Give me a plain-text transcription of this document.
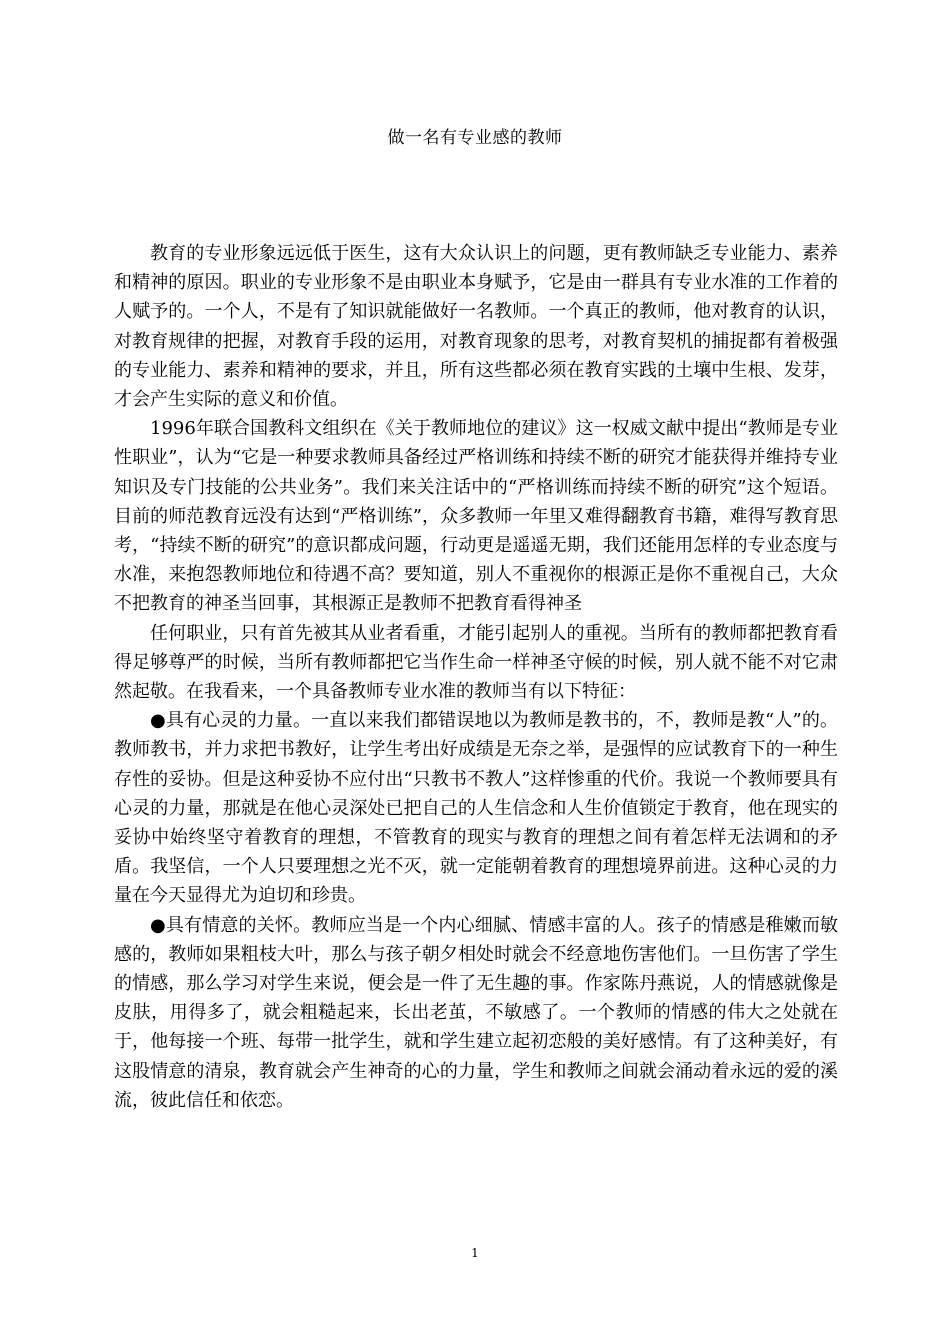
做一名有专业感的教师

教育的专业形象远远低于医生，这有大众认识上的问题，更有教师缺乏专业能力、素养和精神的原因。职业的专业形象不是由职业本身赋予，它是由一群具有专业水准的工作着的人赋予的。一个人，不是有了知识就能做好一名教师。一个真正的教师，他对教育的认识，对教育规律的把握，对教育手段的运用，对教育现象的思考，对教育契机的捕捉都有着极强的专业能力、素养和精神的要求，并且，所有这些都必须在教育实践的土壤中生根、发芽，才会产生实际的意义和价值。

1996年联合国教科文组织在《关于教师地位的建议》这一权威文献中提出“教师是专业性职业”，认为“它是一种要求教师具备经过严格训练和持续不断的研究才能获得并维持专业知识及专门技能的公共业务”。我们来关注话中的“严格训练而持续不断的研究”这个短语。目前的师范教育远没有达到“严格训练”，众多教师一年里又难得翻教育书籍，难得写教育思考，“持续不断的研究”的意识都成问题，行动更是遥遥无期，我们还能用怎样的专业态度与水准，来抱怨教师地位和待遇不高？要知道，别人不重视你的根源正是你不重视自己，大众不把教育的神圣当回事，其根源正是教师不把教育看得神圣

任何职业，只有首先被其从业者看重，才能引起别人的重视。当所有的教师都把教育看得足够尊严的时候，当所有教师都把它当作生命一样神圣守候的时候，别人就不能不对它肃然起敬。在我看来，一个具备教师专业水准的教师当有以下特征：

●具有心灵的力量。一直以来我们都错误地以为教师是教书的，不，教师是教“人”的。教师教书，并力求把书教好，让学生考出好成绩是无奈之举，是强悍的应试教育下的一种生存性的妥协。但是这种妥协不应付出“只教书不教人”这样惨重的代价。我说一个教师要具有心灵的力量，那就是在他心灵深处已把自己的人生信念和人生价值锁定于教育，他在现实的妥协中始终坚守着教育的理想，不管教育的现实与教育的理想之间有着怎样无法调和的矛盾。我坚信，一个人只要理想之光不灭，就一定能朝着教育的理想境界前进。这种心灵的力量在今天显得尤为迫切和珍贵。

●具有情意的关怀。教师应当是一个内心细腻、情感丰富的人。孩子的情感是稚嫩而敏感的，教师如果粗枝大叶，那么与孩子朝夕相处时就会不经意地伤害他们。一旦伤害了学生的情感，那么学习对学生来说，便会是一件了无生趣的事。作家陈丹燕说，人的情感就像是皮肤，用得多了，就会粗糙起来，长出老茧，不敏感了。一个教师的情感的伟大之处就在于，他每接一个班、每带一批学生，就和学生建立起初恋般的美好感情。有了这种美好，有这股情意的清泉，教育就会产生神奇的心的力量，学生和教师之间就会涌动着永远的爱的溪流，彼此信任和依恋。

1
